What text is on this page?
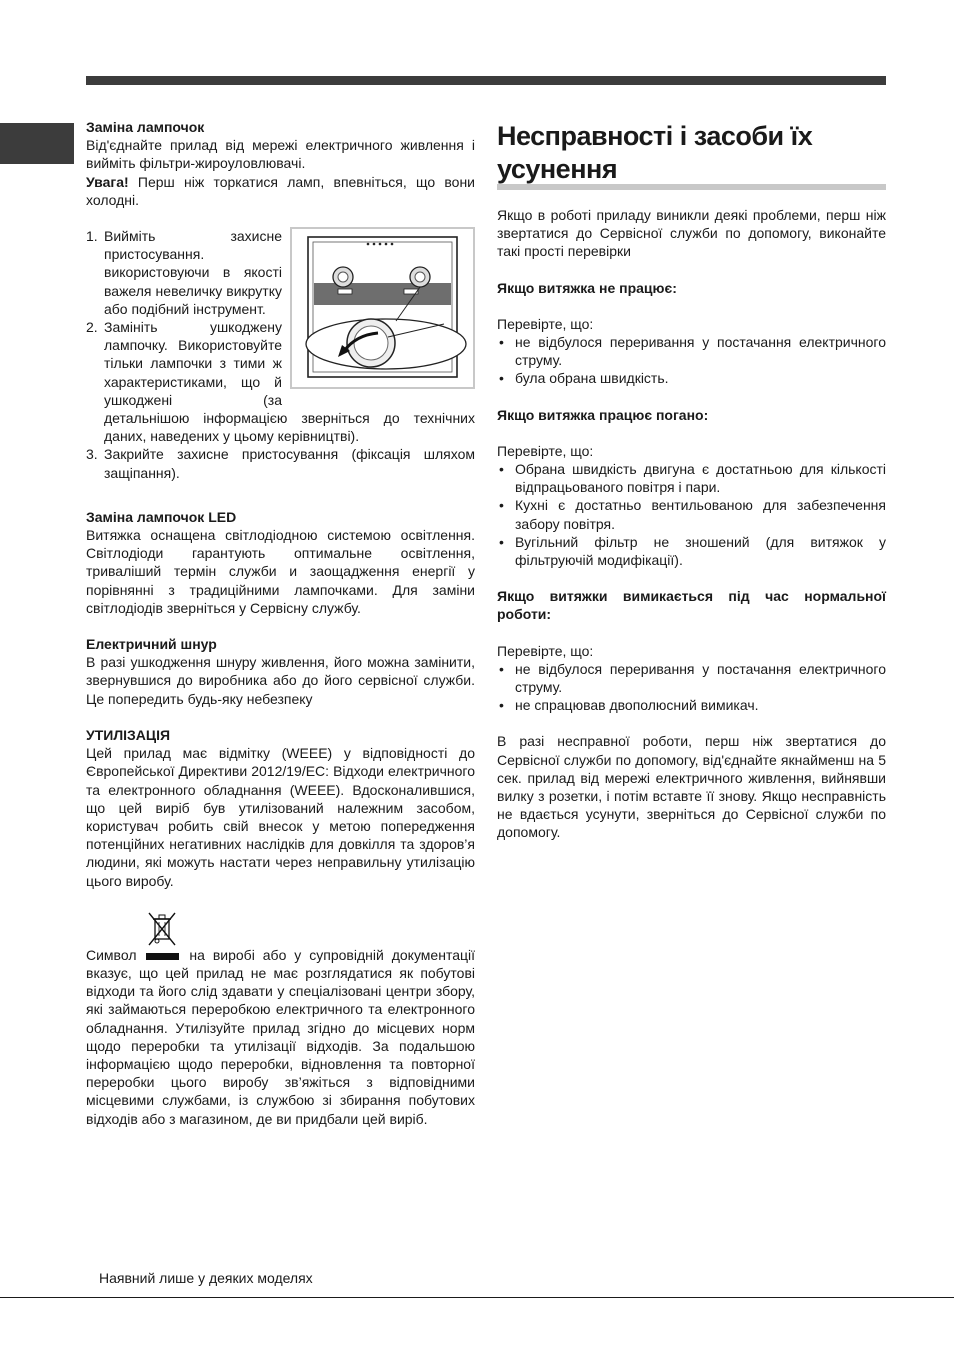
Заміна лампочок

Від'єднайте прилад від мережі електричного живлення і вийміть фільтри-жироуловлювачі.

Увага! Перш ніж торкатися ламп, впевніться, що вони холодні.

1. Вийміть захисне пристосування. використовуючи в якості важеля невеличку викрутку або подібний інструмент.
2. Замініть ушкоджену лампочку. Використовуйте тільки лампочки з тими ж характеристиками, що й ушкоджені (за детальнішою інформацією зверніться до технічних даних, наведених у цьому керівництві).
3. Закрийте захисне пристосування (фіксація шляхом защіпання).

Заміна лампочок LED

Витяжка оснащена світлодіодною системою освітлення. Світлодіоди гарантують оптимальне освітлення, триваліший термін служби и заощадження енергії у порівнянні з традиційними лампочками. Для заміни світлодіодів зверніться у Сервісну службу.

Електричний шнур

В разі ушкодження шнуру живлення, його можна замінити, звернувшися до виробника або до його сервісної служби. Це попередить будь-яку небезпеку

УТИЛІЗАЦІЯ

Цей прилад має відмітку (WEEE) у відповідності до Європейської Директиви 2012/19/ЕС: Відходи електричного та електронного обладнання (WEEE). Вдосконалившися, що цей виріб був утилізований належним засобом, користувач робить свій внесок у метою попередження потенційних негативних наслідків для довкілля та здоров’я людини, які можуть настати через неправильну утилізацію цього виробу.

Символ	на виробі або у супровідній документації вказує, що цей прилад не має розглядатися як побутові відходи та його слід здавати у спеціалізовані центри збору, які займаються переробкою електричного та електронного обладнання. Утилізуйте прилад згідно до місцевих норм щодо переробки та утилізації відходів. За подальшою інформацією щодо переробки, відновлення та повторної переробки цього виробу зв’яжіться з відповідними місцевими службами, із службою зі збирання побутових відходів або з магазином, де ви придбали цей виріб.

Несправності і засоби їх усунення

Якщо в роботі приладу виникли деякі проблеми, перш ніж звертатися до Сервісної служби по допомогу, виконайте такі прості перевірки

Якщо витяжка не працює:

Перевірте, що:

• не відбулося переривання у постачання електричного струму.
• була обрана швидкість.

Якщо витяжка працює погано:

Перевірте, що:

• Обрана швидкість двигуна є достатньою для кількості відпрацьованого повітря і пари.
• Кухні є достатньо вентильованою для забезпечення забору повітря.
• Вугільний фільтр не зношений (для витяжок у фільтруючій модифікації).

Якщо витяжки вимикається під час нормальної роботи:

Перевірте, що:

• не відбулося переривання у постачання електричного струму.
• не спрацював двополюсний вимикач.

В разі несправної роботи, перш ніж звертатися до Сервісної служби по допомогу, від'єднайте якнайменш на 5 сек. прилад від мережі електричного живлення, вийнявши вилку з розетки, і потім вставте її знову. Якщо несправність не вдається усунути, зверніться до Сервісної служби по допомогу.

Наявний лише у деяких моделях
